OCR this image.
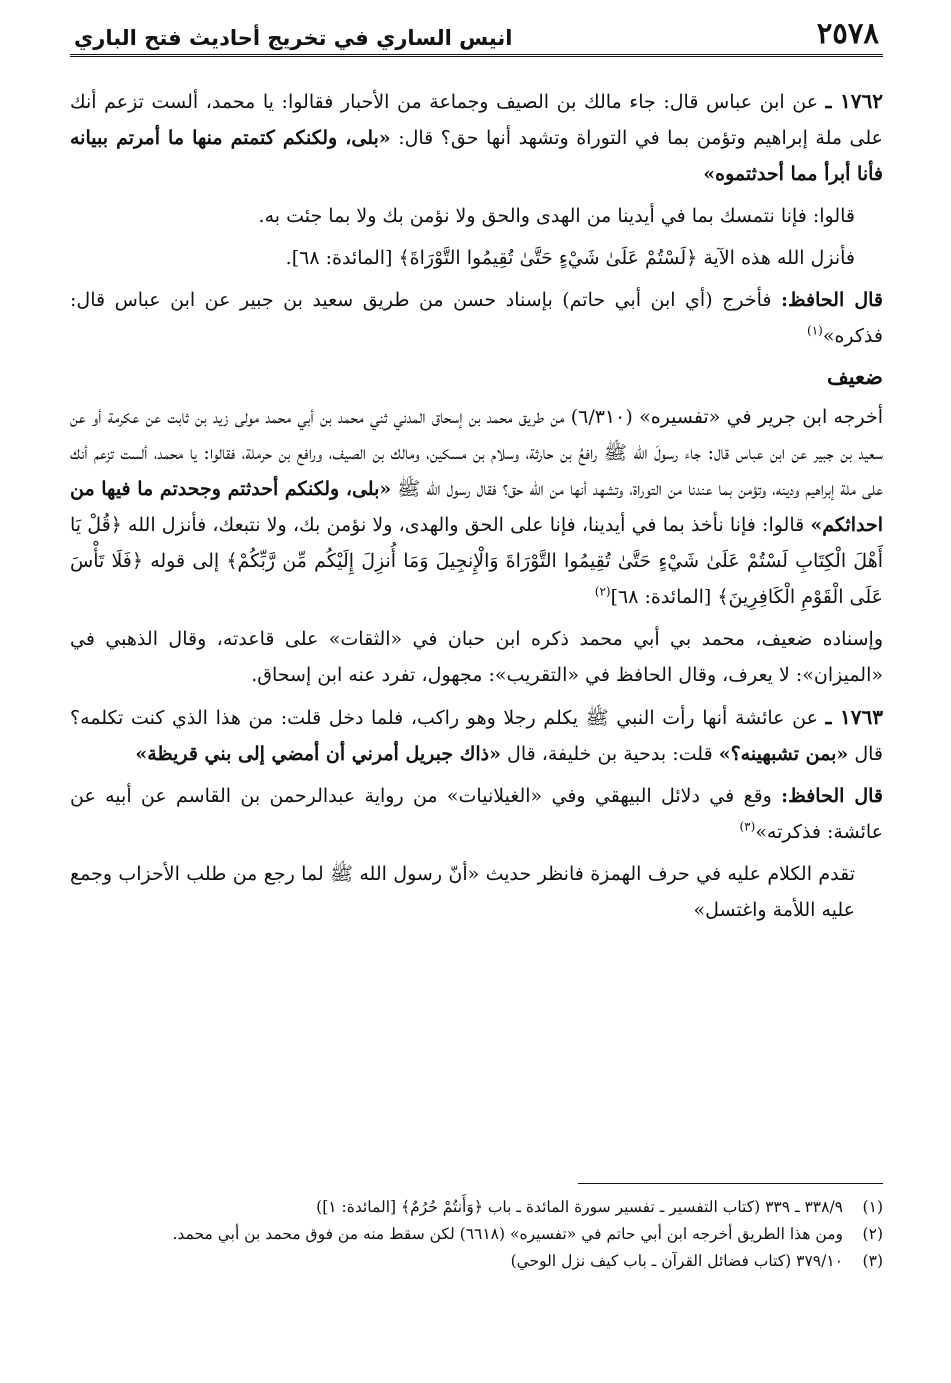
٢٥٧٨
انيس الساري في تخريج أحاديث فتح الباري

١٧٦٢ ـ عن ابن عباس قال: جاء مالك بن الصيف وجماعة من الأحبار فقالوا: يا محمد، ألست تزعم أنك على ملة إبراهيم وتؤمن بما في التوراة وتشهد أنها حق؟ قال: «بلى، ولكنكم كتمتم منها ما أمرتم ببيانه فأنا أبرأ مما أحدثتموه»

قالوا: فإنا نتمسك بما في أيدينا من الهدى والحق ولا نؤمن بك ولا بما جئت به.

فأنزل الله هذه الآية ﴿لَسْتُمْ عَلَىٰ شَيْءٍ حَتَّىٰ تُقِيمُوا التَّوْرَاةَ﴾ [المائدة: ٦٨].

قال الحافظ: فأخرج (أي ابن أبي حاتم) بإسناد حسن من طريق سعيد بن جبير عن ابن عباس قال: فذكره»$^{(١)}$

ضعيف

أخرجه ابن جرير في «تفسيره» (٦/٣١٠) من طريق محمد بن إسحاق المدني ثني محمد بن أبي محمد مولى زيد بن ثابت عن عكرمة أو عن سعيد بن جبير عن ابن عباس قال: جاء رسولَ الله ﷺ رافعُ بن حارثة، وسلام بن مسكين، ومالك بن الصيف، ورافع بن حرملة، فقالوا: يا محمد، ألست تزعم أنك على ملة إبراهيم ودينه، وتؤمن بما عندنا من التوراة، وتشهد أنها من الله حق؟ فقال رسول الله ﷺ «بلى، ولكنكم أحدثتم وجحدتم ما فيها من احداثكم» قالوا: فإنا نأخذ بما في أيدينا، فإنا على الحق والهدى، ولا نؤمن بك، ولا نتبعك، فأنزل الله ﴿قُلْ يَا أَهْلَ الْكِتَابِ لَسْتُمْ عَلَىٰ شَيْءٍ حَتَّىٰ تُقِيمُوا التَّوْرَاةَ وَالْإِنجِيلَ وَمَا أُنزِلَ إِلَيْكُم مِّن رَّبِّكُمْ﴾ إلى قوله ﴿فَلَا تَأْسَ عَلَى الْقَوْمِ الْكَافِرِينَ﴾ [المائدة: ٦٨]$^{(٢)}$

وإسناده ضعيف، محمد بي أبي محمد ذكره ابن حبان في «الثقات» على قاعدته، وقال الذهبي في «الميزان»: لا يعرف، وقال الحافظ في «التقريب»: مجهول، تفرد عنه ابن إسحاق.

١٧٦٣ ـ عن عائشة أنها رأت النبي ﷺ يكلم رجلا وهو راكب، فلما دخل قلت: من هذا الذي كنت تكلمه؟ قال «بمن تشبهينه؟» قلت: بدحية بن خليفة، قال «ذاك جبريل أمرني أن أمضي إلى بني قريظة»

قال الحافظ: وقع في دلائل البيهقي وفي «الغيلانيات» من رواية عبدالرحمن بن القاسم عن أبيه عن عائشة: فذكرته»$^{(٣)}$

تقدم الكلام عليه في حرف الهمزة فانظر حديث «أنّ رسول الله ﷺ لما رجع من طلب الأحزاب وجمع عليه اللأمة واغتسل»

(١)
٣٣٨/٩ ـ ٣٣٩ (كتاب التفسير ـ تفسير سورة المائدة ـ باب ﴿وَأَنتُمْ حُرُمٌ﴾ [المائدة: ١])
(٢)
ومن هذا الطريق أخرجه ابن أبي حاتم في «تفسيره» (٦٦١٨) لكن سقط منه من فوق محمد بن أبي محمد.
(٣)
٣٧٩/١٠ (كتاب فضائل القرآن ـ باب كيف نزل الوحي)
